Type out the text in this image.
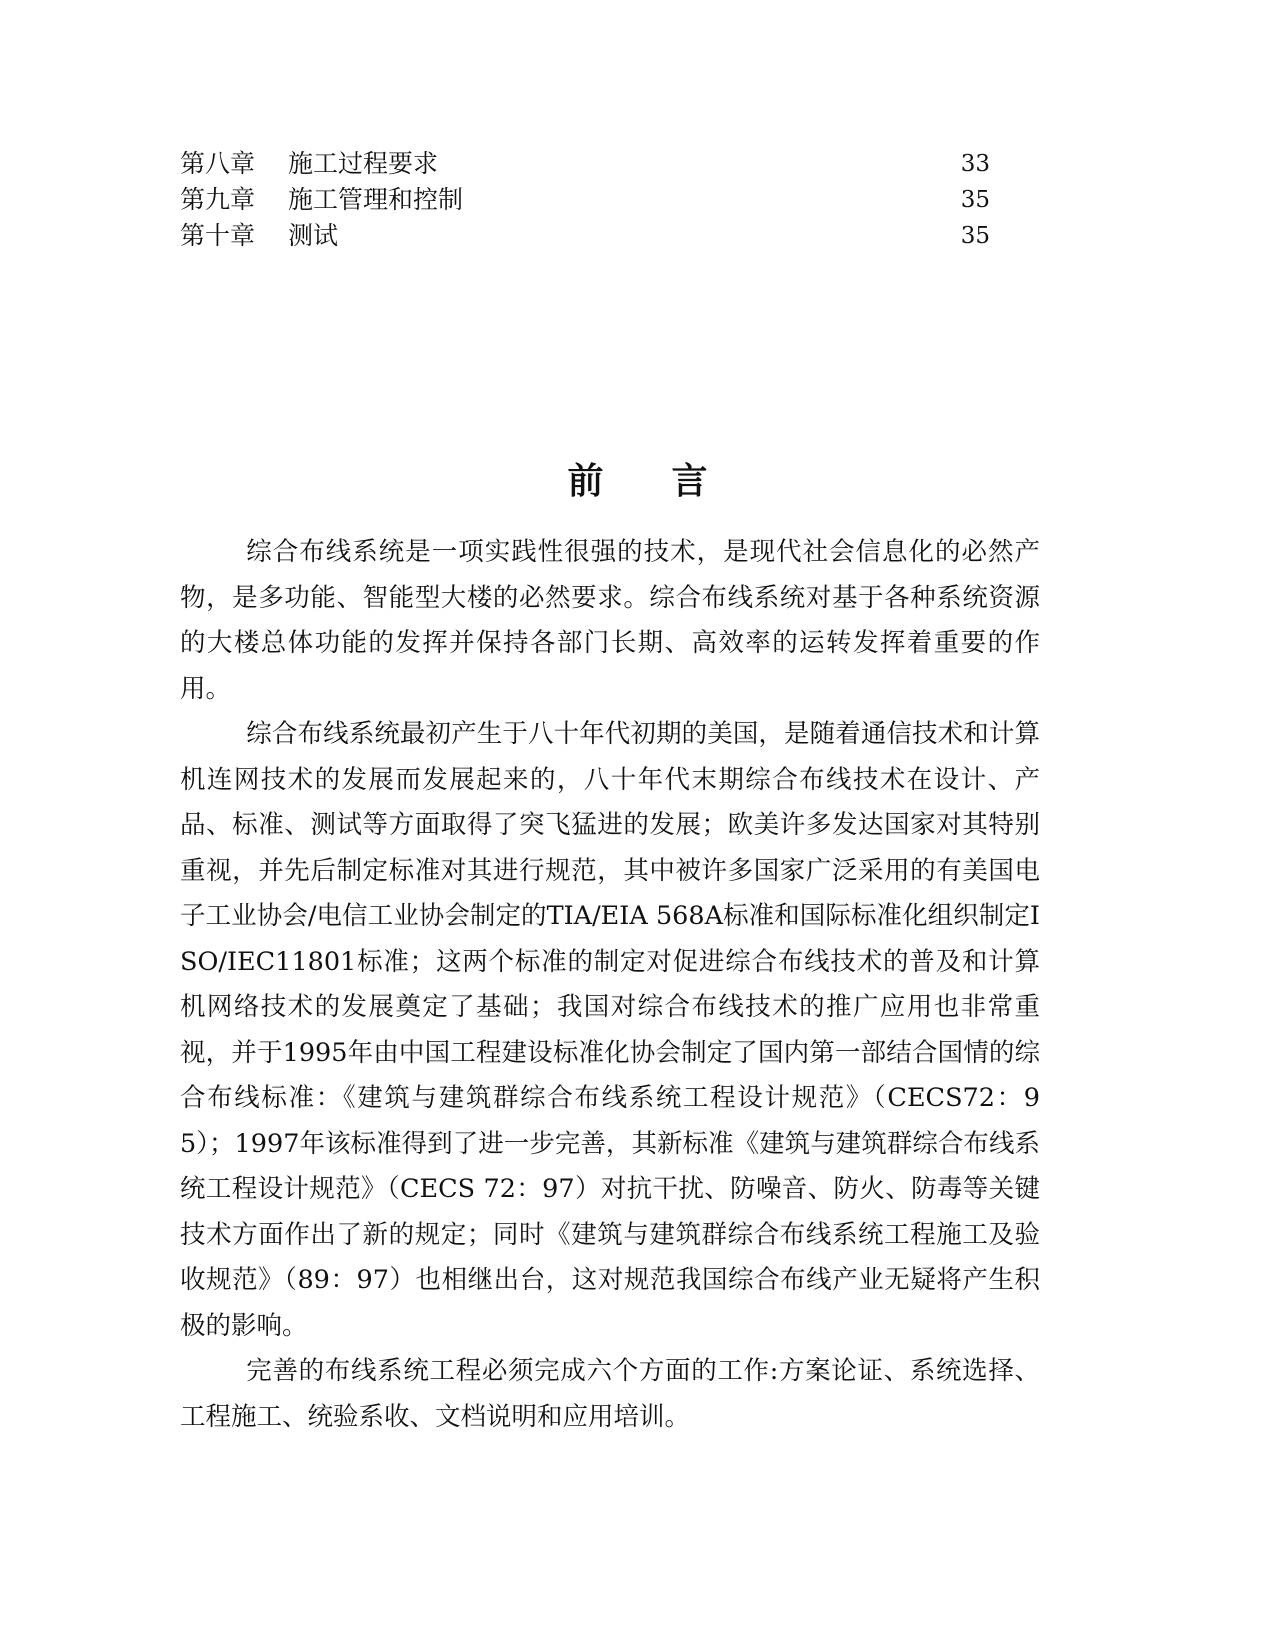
第八章 施工过程要求	33
第九章 施工管理和控制	35
第十章 测试	35
前言

综合布线系统是一项实践性很强的技术，是现代社会信息化的必然产物，是多功能、智能型大楼的必然要求。综合布线系统对基于各种系统资源的大楼总体功能的发挥并保持各部门长期、高效率的运转发挥着重要的作用。

综合布线系统最初产生于八十年代初期的美国，是随着通信技术和计算机连网技术的发展而发展起来的，八十年代末期综合布线技术在设计、产品、标准、测试等方面取得了突飞猛进的发展；欧美许多发达国家对其特别重视，并先后制定标准对其进行规范，其中被许多国家广泛采用的有美国电子工业协会/电信工业协会制定的TIA/EIA 568A标准和国际标准化组织制定ISO/IEC11801标准；这两个标准的制定对促进综合布线技术的普及和计算机网络技术的发展奠定了基础；我国对综合布线技术的推广应用也非常重视，并于1995年由中国工程建设标准化协会制定了国内第一部结合国情的综合布线标准：《建筑与建筑群综合布线系统工程设计规范》（CECS72：95）；1997年该标准得到了进一步完善，其新标准《建筑与建筑群综合布线系统工程设计规范》（CECS 72：97）对抗干扰、防噪音、防火、防毒等关键技术方面作出了新的规定；同时《建筑与建筑群综合布线系统工程施工及验收规范》（89：97）也相继出台，这对规范我国综合布线产业无疑将产生积极的影响。

完善的布线系统工程必须完成六个方面的工作:方案论证、系统选择、工程施工、统验系收、文档说明和应用培训。
